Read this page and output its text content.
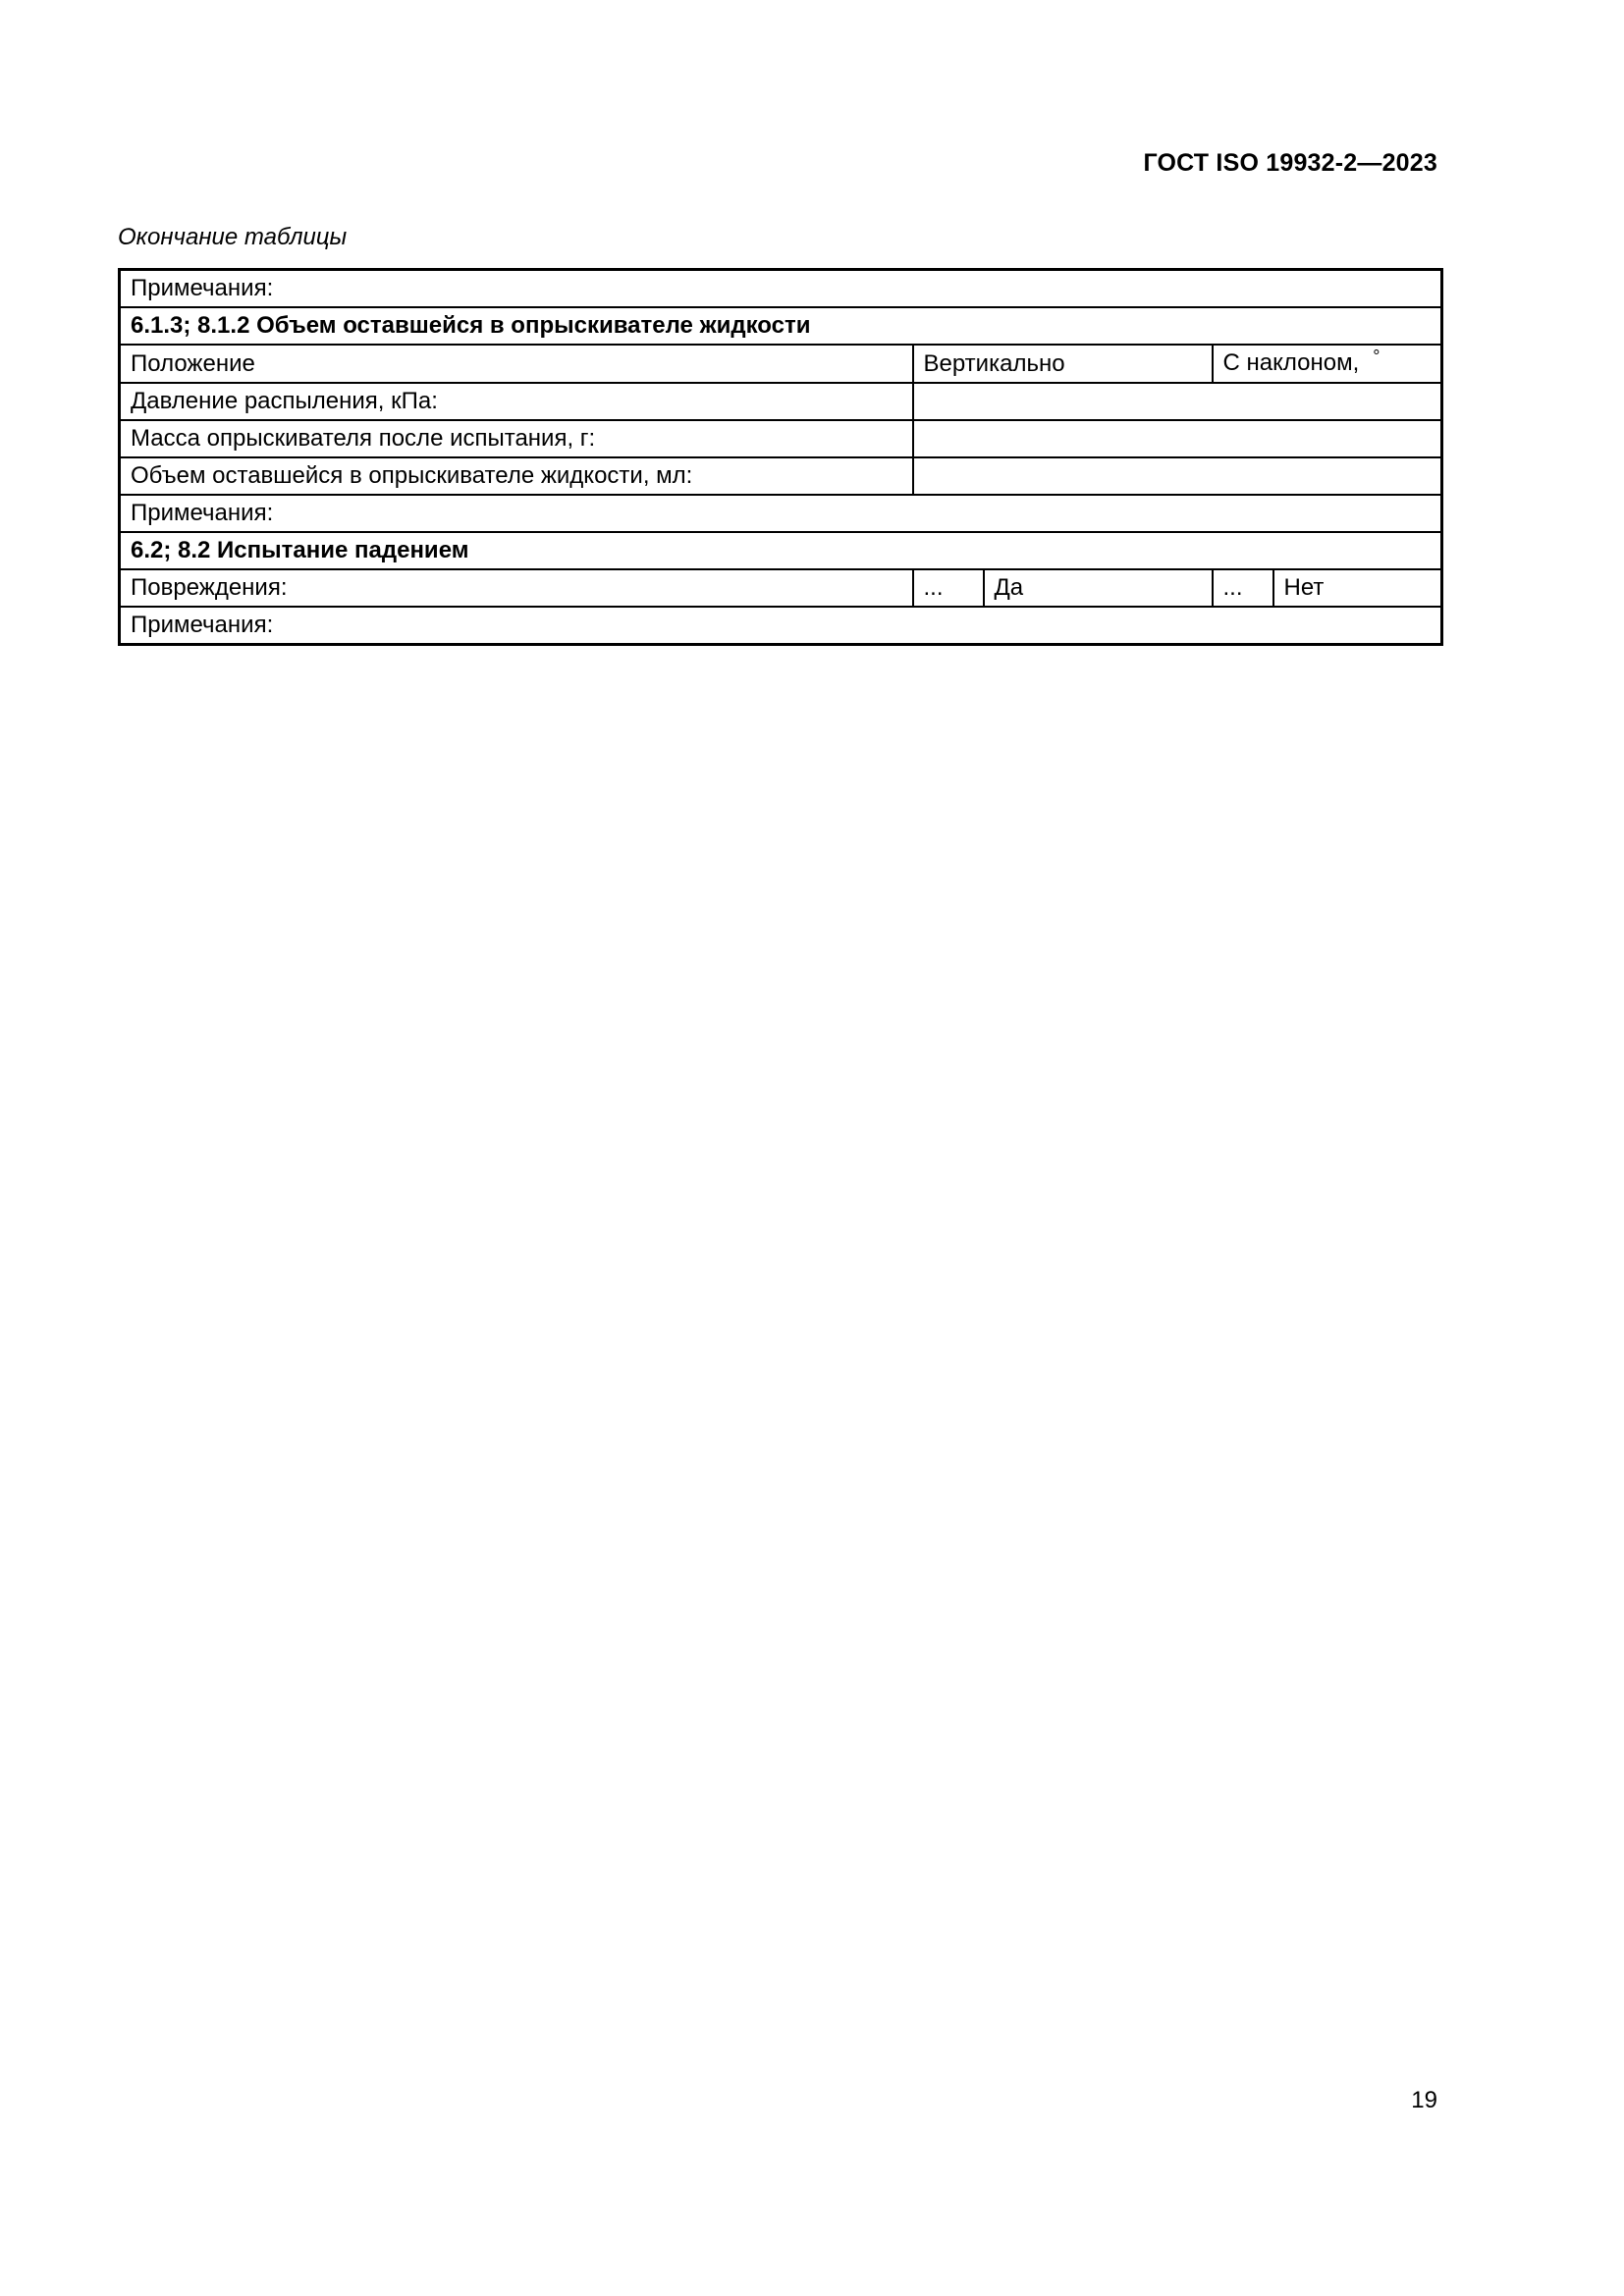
ГОСТ ISO 19932-2—2023
Окончание таблицы
Примечания:				
6.1.3; 8.1.2 Объем оставшейся в опрыскивателе жидкости				
Положение	Вертикально		С наклоном, °
Давление распыления, кПа:				
Масса опрыскивателя после испытания, г:				
Объем оставшейся в опрыскивателе жидкости, мл:				
Примечания:				
6.2; 8.2 Испытание падением				
Повреждения:	...	Да	...	Нет
Примечания:				
19
